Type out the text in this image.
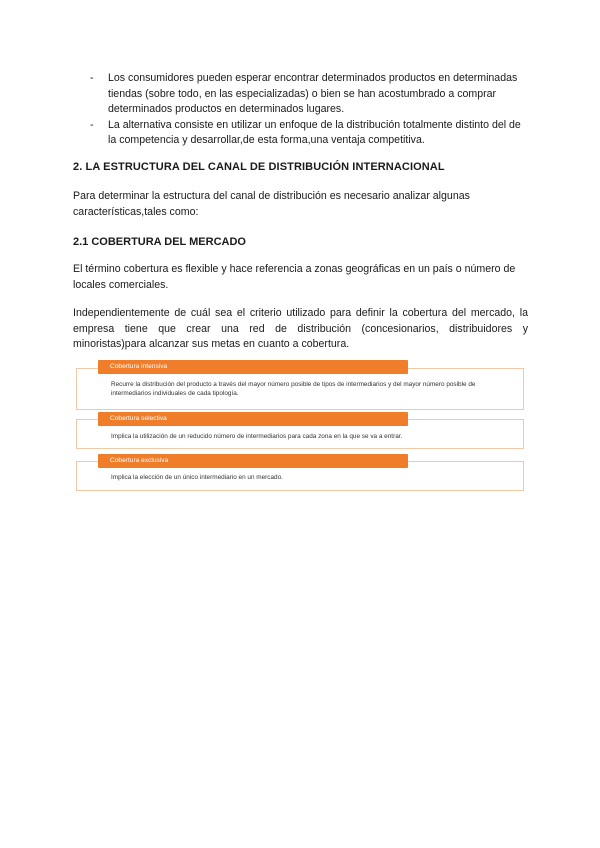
- Los consumidores pueden esperar encontrar determinados productos en determinadas tiendas (sobre todo, en las especializadas) o bien se han acostumbrado a comprar determinados productos en determinados lugares.
- La alternativa consiste en utilizar un enfoque de la distribución totalmente distinto del de la competencia y desarrollar,de esta forma,una ventaja competitiva.
2. LA ESTRUCTURA DEL CANAL DE DISTRIBUCIÓN INTERNACIONAL

Para determinar la estructura del canal de distribución es necesario analizar algunas características,tales como:

2.1 COBERTURA DEL MERCADO

El término cobertura es flexible y hace referencia a zonas geográficas en un país o número de locales comerciales.

Independientemente de cuál sea el criterio utilizado para definir la cobertura del mercado, la empresa tiene que crear una red de distribución (concesionarios, distribuidores y minoristas)para alcanzar sus metas en cuanto a cobertura.

Cobertura intensiva
Recurre la distribución del producto a través del mayor número posible de tipos de intermediarios y del mayor número posible de intermediarios individuales de cada tipología.
Cobertura selectiva
Implica la utilización de un reducido número de intermediarios para cada zona en la que se va a entrar.
Cobertura exclusiva
Implica la elección de un único intermediario en un mercado.
